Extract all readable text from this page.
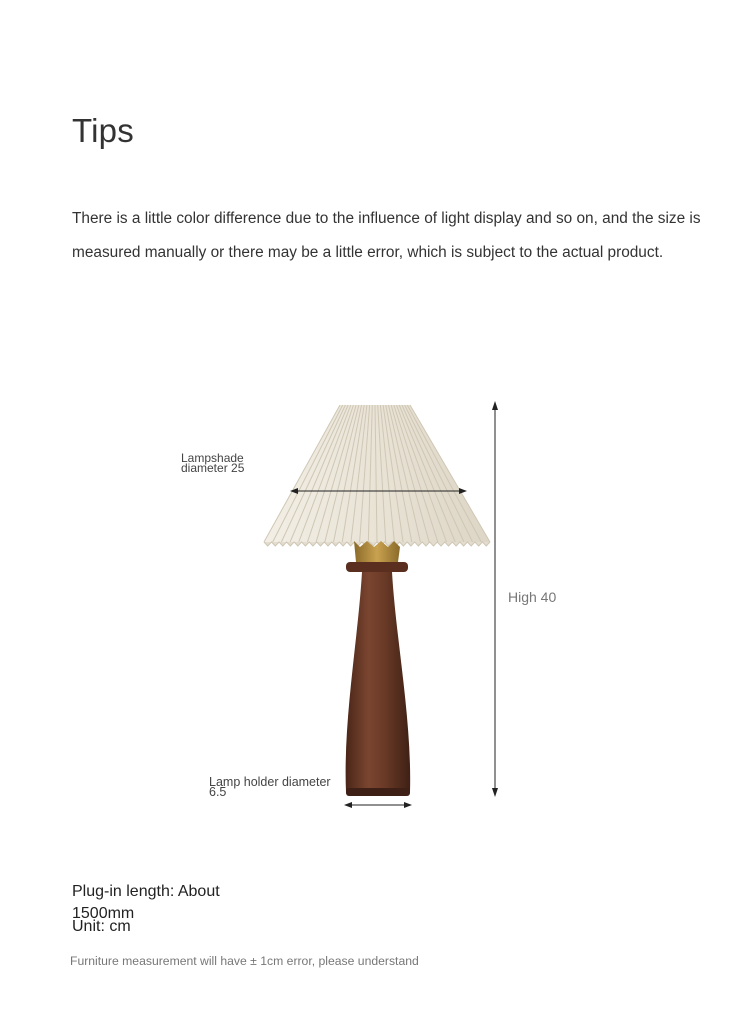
Tips

There is a little color difference due to the influence of light display and so on, and the size is measured manually or there may be a little error, which is subject to the actual product.

Lampshade
diameter 25
High 40
Lamp holder diameter
6.5
Plug-in length: About 1500mm
Unit: cm
Furniture measurement will have ± 1cm error, please understand
